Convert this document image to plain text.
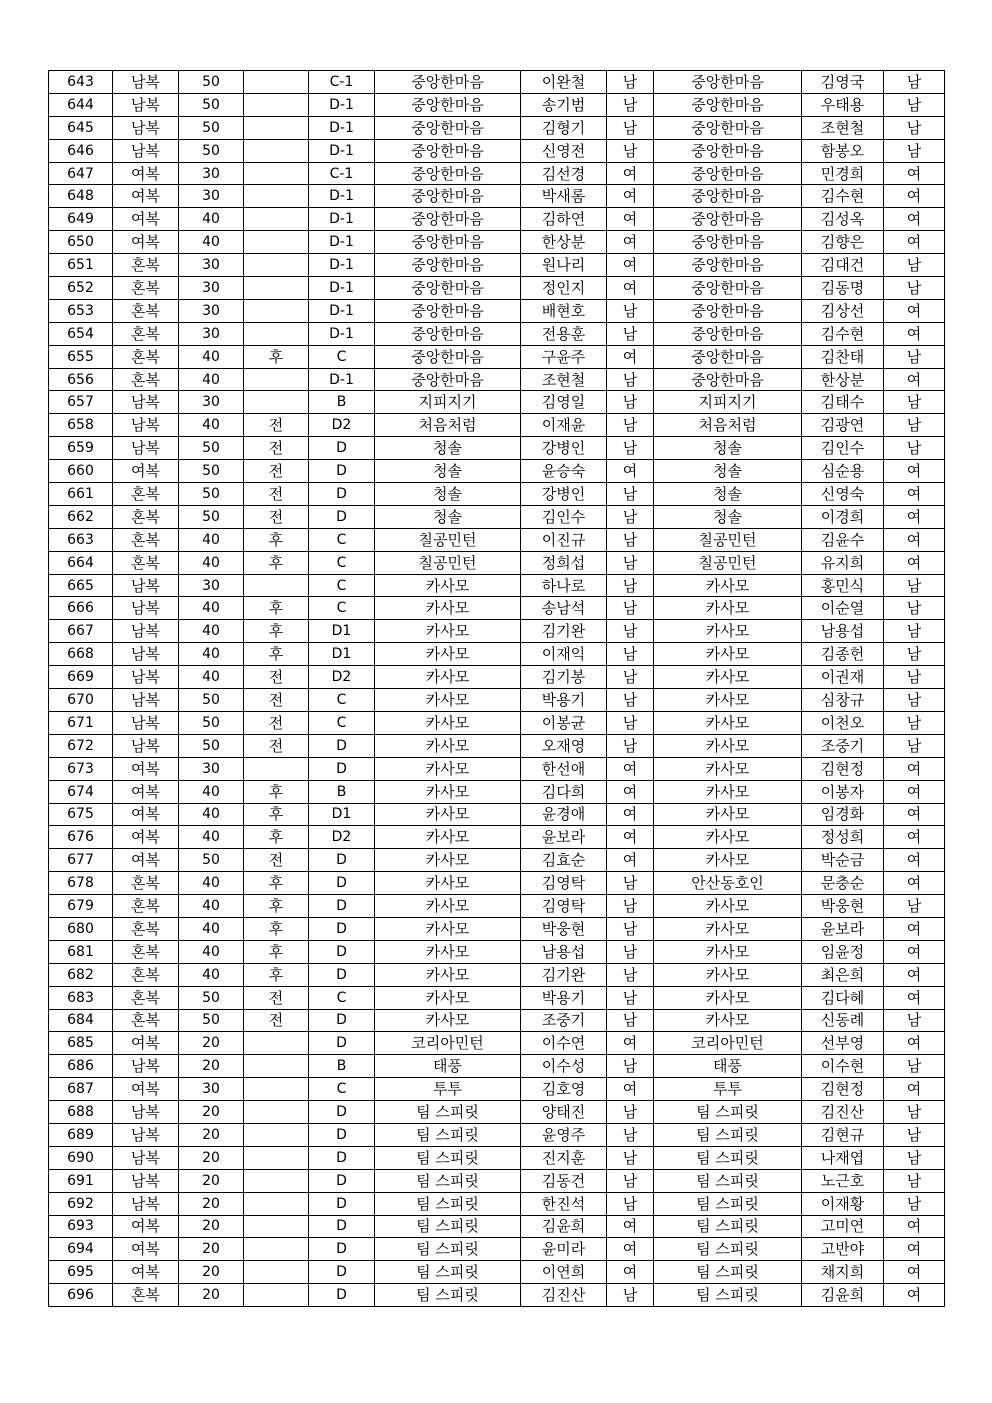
643	남복	50		C-1	중앙한마음	이완철	남	중앙한마음	김영국	남
644	남복	50		D-1	중앙한마음	송기범	남	중앙한마음	우태용	남
645	남복	50		D-1	중앙한마음	김형기	남	중앙한마음	조현철	남
646	남복	50		D-1	중앙한마음	신영전	남	중앙한마음	함봉오	남
647	여복	30		C-1	중앙한마음	김선경	여	중앙한마음	민경희	여
648	여복	30		D-1	중앙한마음	박새롬	여	중앙한마음	김수현	여
649	여복	40		D-1	중앙한마음	김하연	여	중앙한마음	김성옥	여
650	여복	40		D-1	중앙한마음	한상분	여	중앙한마음	김향은	여
651	혼복	30		D-1	중앙한마음	원나리	여	중앙한마음	김대건	남
652	혼복	30		D-1	중앙한마음	정인지	여	중앙한마음	김동명	남
653	혼복	30		D-1	중앙한마음	배현호	남	중앙한마음	김상선	여
654	혼복	30		D-1	중앙한마음	전용훈	남	중앙한마음	김수현	여
655	혼복	40	후	C	중앙한마음	구윤주	여	중앙한마음	김찬태	남
656	혼복	40		D-1	중앙한마음	조현철	남	중앙한마음	한상분	여
657	남복	30		B	지피지기	김영일	남	지피지기	김태수	남
658	남복	40	전	D2	처음처럼	이재윤	남	처음처럼	김광연	남
659	남복	50	전	D	청솔	강병인	남	청솔	김인수	남
660	여복	50	전	D	청솔	윤승숙	여	청솔	심순용	여
661	혼복	50	전	D	청솔	강병인	남	청솔	신영숙	여
662	혼복	50	전	D	청솔	김인수	남	청솔	이경희	여
663	혼복	40	후	C	칠공민턴	이진규	남	칠공민턴	김윤수	여
664	혼복	40	후	C	칠공민턴	정희섭	남	칠공민턴	유지희	여
665	남복	30		C	카사모	하나로	남	카사모	홍민식	남
666	남복	40	후	C	카사모	송남석	남	카사모	이순열	남
667	남복	40	후	D1	카사모	김기완	남	카사모	남용섭	남
668	남복	40	후	D1	카사모	이재익	남	카사모	김종헌	남
669	남복	40	전	D2	카사모	김기봉	남	카사모	이권재	남
670	남복	50	전	C	카사모	박용기	남	카사모	심창규	남
671	남복	50	전	C	카사모	이봉균	남	카사모	이천오	남
672	남복	50	전	D	카사모	오재영	남	카사모	조중기	남
673	여복	30		D	카사모	한선애	여	카사모	김현정	여
674	여복	40	후	B	카사모	김다희	여	카사모	이봉자	여
675	여복	40	후	D1	카사모	윤경애	여	카사모	임경화	여
676	여복	40	후	D2	카사모	윤보라	여	카사모	정성희	여
677	여복	50	전	D	카사모	김효순	여	카사모	박순금	여
678	혼복	40	후	D	카사모	김영탁	남	안산동호인	문충순	여
679	혼복	40	후	D	카사모	김영탁	남	카사모	박웅현	남
680	혼복	40	후	D	카사모	박웅현	남	카사모	윤보라	여
681	혼복	40	후	D	카사모	남용섭	남	카사모	임윤정	여
682	혼복	40	후	D	카사모	김기완	남	카사모	최은희	여
683	혼복	50	전	C	카사모	박용기	남	카사모	김다혜	여
684	혼복	50	전	D	카사모	조중기	남	카사모	신동례	남
685	여복	20		D	코리아민턴	이수연	여	코리아민턴	선부영	여
686	남복	20		B	태풍	이수성	남	태풍	이수현	남
687	여복	30		C	투투	김호영	여	투투	김현정	여
688	남복	20		D	팀 스피릿	양태진	남	팀 스피릿	김진산	남
689	남복	20		D	팀 스피릿	윤영주	남	팀 스피릿	김현규	남
690	남복	20		D	팀 스피릿	진지훈	남	팀 스피릿	나재엽	남
691	남복	20		D	팀 스피릿	김동건	남	팀 스피릿	노근호	남
692	남복	20		D	팀 스피릿	한진석	남	팀 스피릿	이재황	남
693	여복	20		D	팀 스피릿	김윤희	여	팀 스피릿	고미연	여
694	여복	20		D	팀 스피릿	윤미라	여	팀 스피릿	고반야	여
695	여복	20		D	팀 스피릿	이연희	여	팀 스피릿	채지희	여
696	혼복	20		D	팀 스피릿	김진산	남	팀 스피릿	김윤희	여
